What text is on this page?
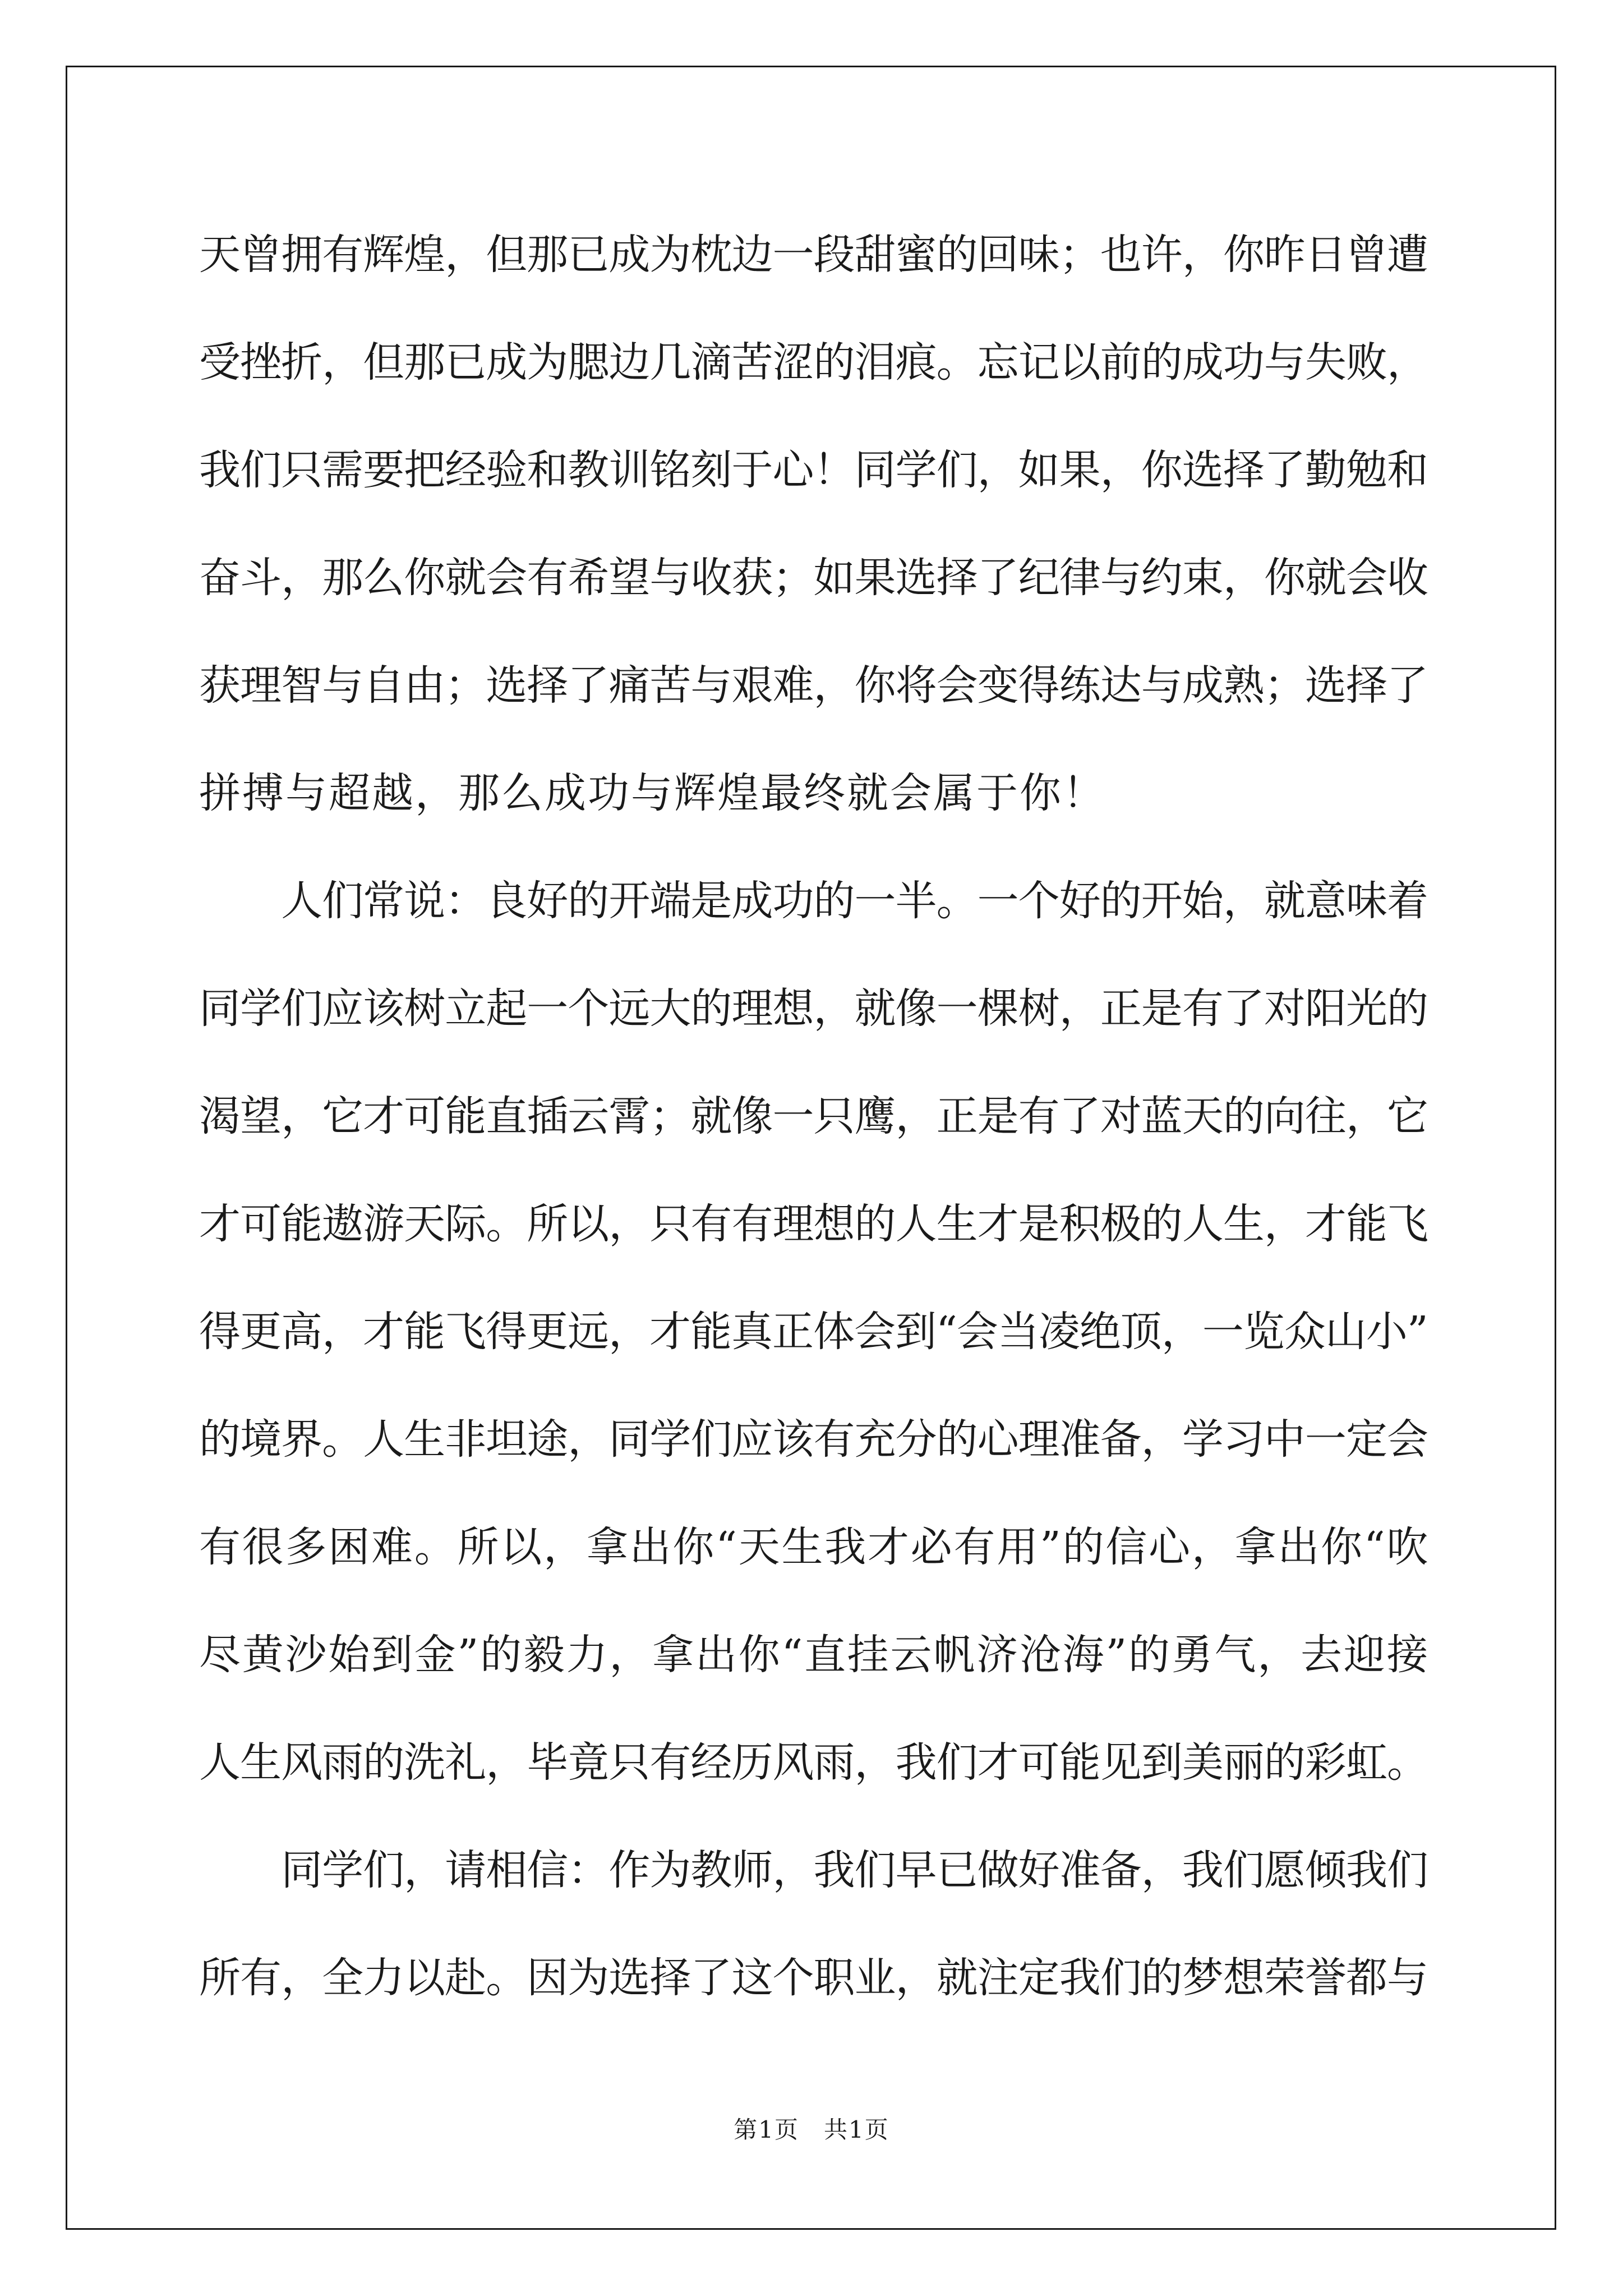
天曾拥有辉煌，但那已成为枕边一段甜蜜的回味；也许，你昨日曾遭
受挫折，但那已成为腮边几滴苦涩的泪痕。忘记以前的成功与失败，
我们只需要把经验和教训铭刻于心！同学们，如果，你选择了勤勉和
奋斗，那么你就会有希望与收获；如果选择了纪律与约束，你就会收
获理智与自由；选择了痛苦与艰难，你将会变得练达与成熟；选择了
拼搏与超越，那么成功与辉煌最终就会属于你！
　　人们常说：良好的开端是成功的一半。一个好的开始，就意味着
同学们应该树立起一个远大的理想，就像一棵树，正是有了对阳光的
渴望，它才可能直插云霄；就像一只鹰，正是有了对蓝天的向往，它
才可能遨游天际。所以，只有有理想的人生才是积极的人生，才能飞
得更高，才能飞得更远，才能真正体会到“会当凌绝顶，一览众山小”
的境界。人生非坦途，同学们应该有充分的心理准备，学习中一定会
有很多困难。所以，拿出你“天生我才必有用”的信心，拿出你“吹
尽黄沙始到金”的毅力，拿出你“直挂云帆济沧海”的勇气，去迎接
人生风雨的洗礼，毕竟只有经历风雨，我们才可能见到美丽的彩虹。
　　同学们，请相信：作为教师，我们早已做好准备，我们愿倾我们
所有，全力以赴。因为选择了这个职业，就注定我们的梦想荣誉都与
第1页　共1页
